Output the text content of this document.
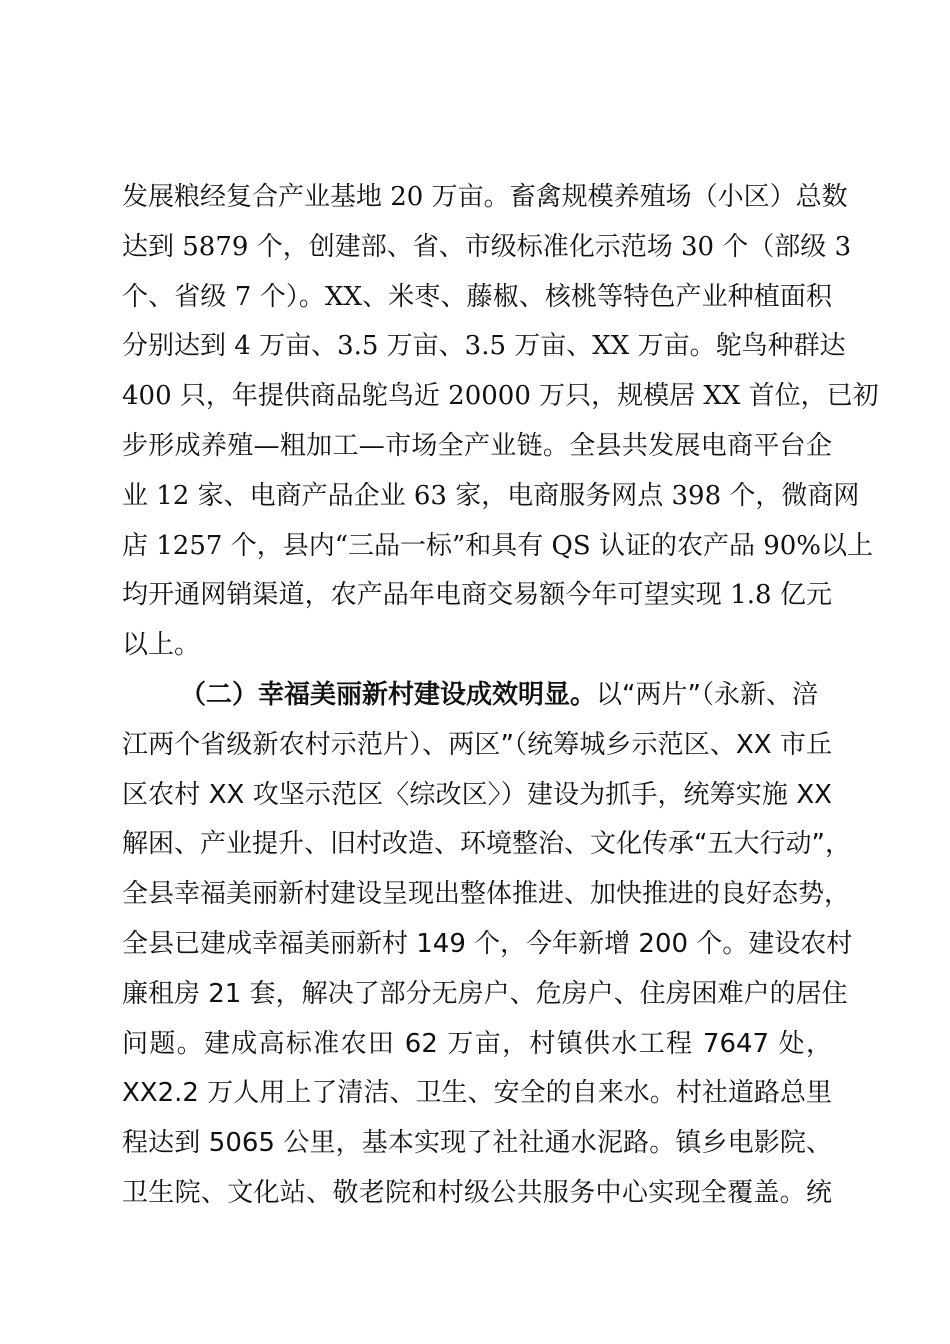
发展粮经复合产业基地 20 万亩。畜禽规模养殖场（小区）总数
达到 5879 个，创建部、省、市级标准化示范场 30 个（部级 3
个、省级 7 个）。XX、米枣、藤椒、核桃等特色产业种植面积
分别达到 4 万亩、3.5 万亩、3.5 万亩、XX 万亩。鸵鸟种群达
400 只，年提供商品鸵鸟近 20000 万只，规模居 XX 首位，已初
步形成养殖—粗加工—市场全产业链。全县共发展电商平台企
业 12 家、电商产品企业 63 家，电商服务网点 398 个，微商网
店 1257 个，县内“三品一标”和具有 QS 认证的农产品 90%以上
均开通网销渠道，农产品年电商交易额今年可望实现 1.8 亿元
以上。
（二）幸福美丽新村建设成效明显。以“两片”（永新、涪
江两个省级新农村示范片）、两区”（统筹城乡示范区、XX 市丘
区农村 XX 攻坚示范区〈综改区〉）建设为抓手，统筹实施 XX
解困、产业提升、旧村改造、环境整治、文化传承“五大行动”，
全县幸福美丽新村建设呈现出整体推进、加快推进的良好态势，
全县已建成幸福美丽新村 149 个，今年新增 200 个。建设农村
廉租房 21 套，解决了部分无房户、危房户、住房困难户的居住
问题。建成高标准农田 62 万亩，村镇供水工程 7647 处，
XX2.2 万人用上了清洁、卫生、安全的自来水。村社道路总里
程达到 5065 公里，基本实现了社社通水泥路。镇乡电影院、
卫生院、文化站、敬老院和村级公共服务中心实现全覆盖。统
